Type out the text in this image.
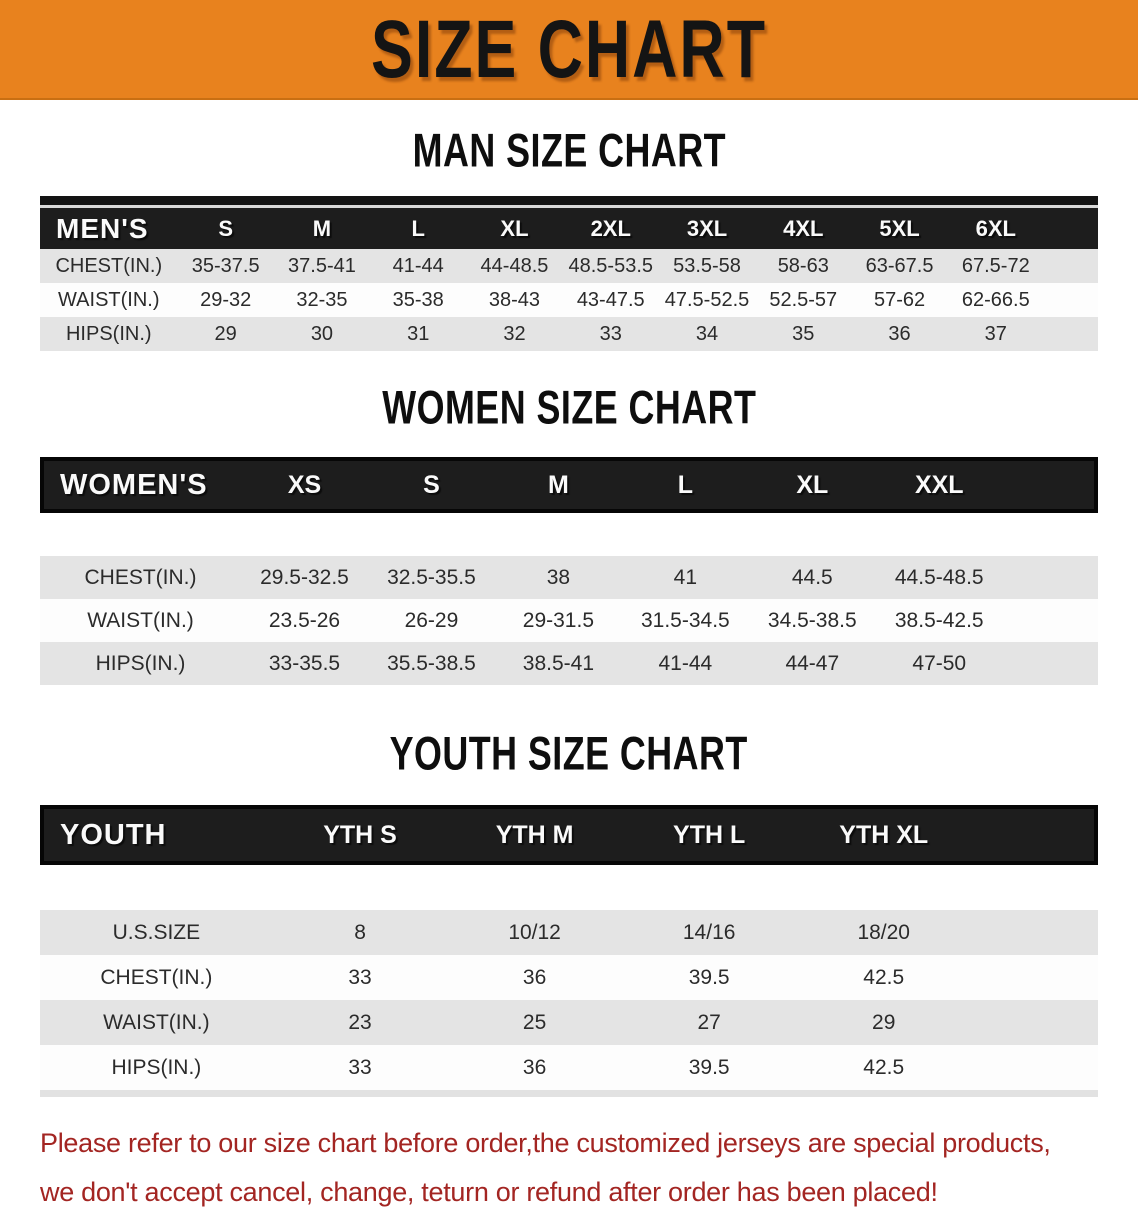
SIZE CHART
MAN SIZE CHART
MEN'S	S	M	L	XL	2XL	3XL	4XL	5XL	6XL	

CHEST(IN.)	35-37.5	37.5-41	41-44	44-48.5	48.5-53.5	53.5-58	58-63	63-67.5	67.5-72	
WAIST(IN.)	29-32	32-35	35-38	38-43	43-47.5	47.5-52.5	52.5-57	57-62	62-66.5	
HIPS(IN.)	29	30	31	32	33	34	35	36	37	
WOMEN SIZE CHART
WOMEN'S	XS	S	M	L	XL	XXL	

CHEST(IN.)	29.5-32.5	32.5-35.5	38	41	44.5	44.5-48.5	
WAIST(IN.)	23.5-26	26-29	29-31.5	31.5-34.5	34.5-38.5	38.5-42.5	
HIPS(IN.)	33-35.5	35.5-38.5	38.5-41	41-44	44-47	47-50	
YOUTH SIZE CHART
YOUTH	YTH S	YTH M	YTH L	YTH XL	

U.S.SIZE	8	10/12	14/16	18/20	
CHEST(IN.)	33	36	39.5	42.5	
WAIST(IN.)	23	25	27	29	
HIPS(IN.)	33	36	39.5	42.5	
Please refer to our size chart before order,the customized jerseys are special products,
we don't accept cancel, change, teturn or refund after order has been placed!
